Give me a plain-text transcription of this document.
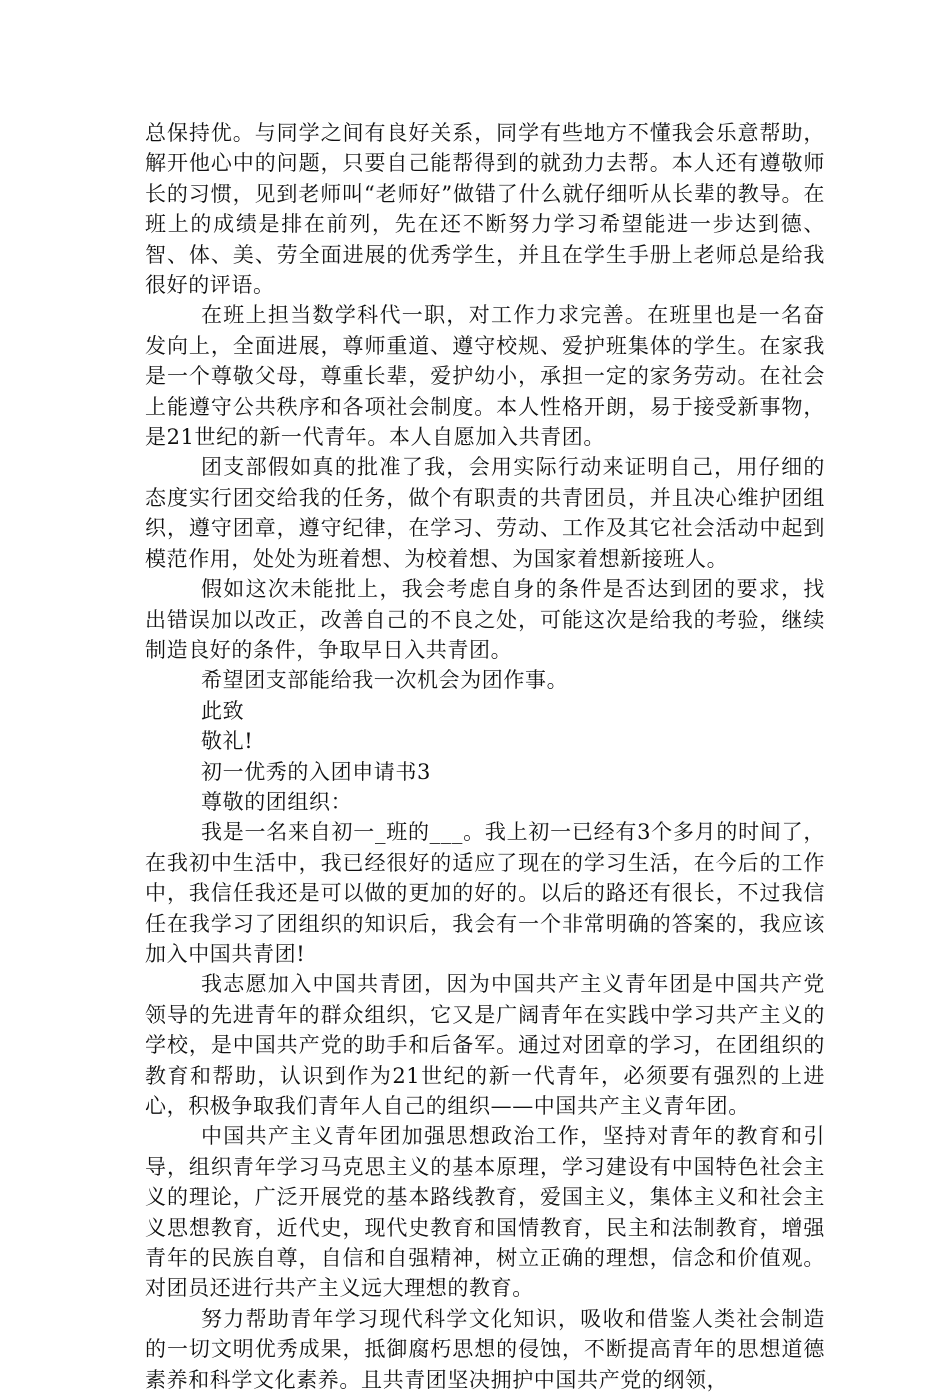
总保持优。与同学之间有良好关系，同学有些地方不懂我会乐意帮助，解开他心中的问题，只要自己能帮得到的就劲力去帮。本人还有遵敬师长的习惯，见到老师叫“老师好”做错了什么就仔细听从长辈的教导。在班上的成绩是排在前列，先在还不断努力学习希望能进一步达到德、智、体、美、劳全面进展的优秀学生，并且在学生手册上老师总是给我很好的评语。

在班上担当数学科代一职，对工作力求完善。在班里也是一名奋发向上，全面进展，尊师重道、遵守校规、爱护班集体的学生。在家我是一个尊敬父母，尊重长辈，爱护幼小，承担一定的家务劳动。在社会上能遵守公共秩序和各项社会制度。本人性格开朗，易于接受新事物，是21世纪的新一代青年。本人自愿加入共青团。

团支部假如真的批准了我，会用实际行动来证明自己，用仔细的态度实行团交给我的任务，做个有职责的共青团员，并且决心维护团组织，遵守团章，遵守纪律，在学习、劳动、工作及其它社会活动中起到模范作用，处处为班着想、为校着想、为国家着想新接班人。

假如这次未能批上，我会考虑自身的条件是否达到团的要求，找出错误加以改正，改善自己的不良之处，可能这次是给我的考验，继续制造良好的条件，争取早日入共青团。

希望团支部能给我一次机会为团作事。

此致

敬礼!

初一优秀的入团申请书3

尊敬的团组织：

我是一名来自初一_班的___。我上初一已经有3个多月的时间了，在我初中生活中，我已经很好的适应了现在的学习生活，在今后的工作中，我信任我还是可以做的更加的好的。以后的路还有很长，不过我信任在我学习了团组织的知识后，我会有一个非常明确的答案的，我应该加入中国共青团!

我志愿加入中国共青团，因为中国共产主义青年团是中国共产党领导的先进青年的群众组织，它又是广阔青年在实践中学习共产主义的学校，是中国共产党的助手和后备军。通过对团章的学习，在团组织的教育和帮助，认识到作为21世纪的新一代青年，必须要有强烈的上进心，积极争取我们青年人自己的组织——中国共产主义青年团。

中国共产主义青年团加强思想政治工作，坚持对青年的教育和引导，组织青年学习马克思主义的基本原理，学习建设有中国特色社会主义的理论，广泛开展党的基本路线教育，爱国主义，集体主义和社会主义思想教育，近代史，现代史教育和国情教育，民主和法制教育，增强青年的民族自尊，自信和自强精神，树立正确的理想，信念和价值观。对团员还进行共产主义远大理想的教育。

努力帮助青年学习现代科学文化知识，吸收和借鉴人类社会制造的一切文明优秀成果，抵御腐朽思想的侵蚀，不断提高青年的思想道德素养和科学文化素养。且共青团坚决拥护中国共产党的纲领，
